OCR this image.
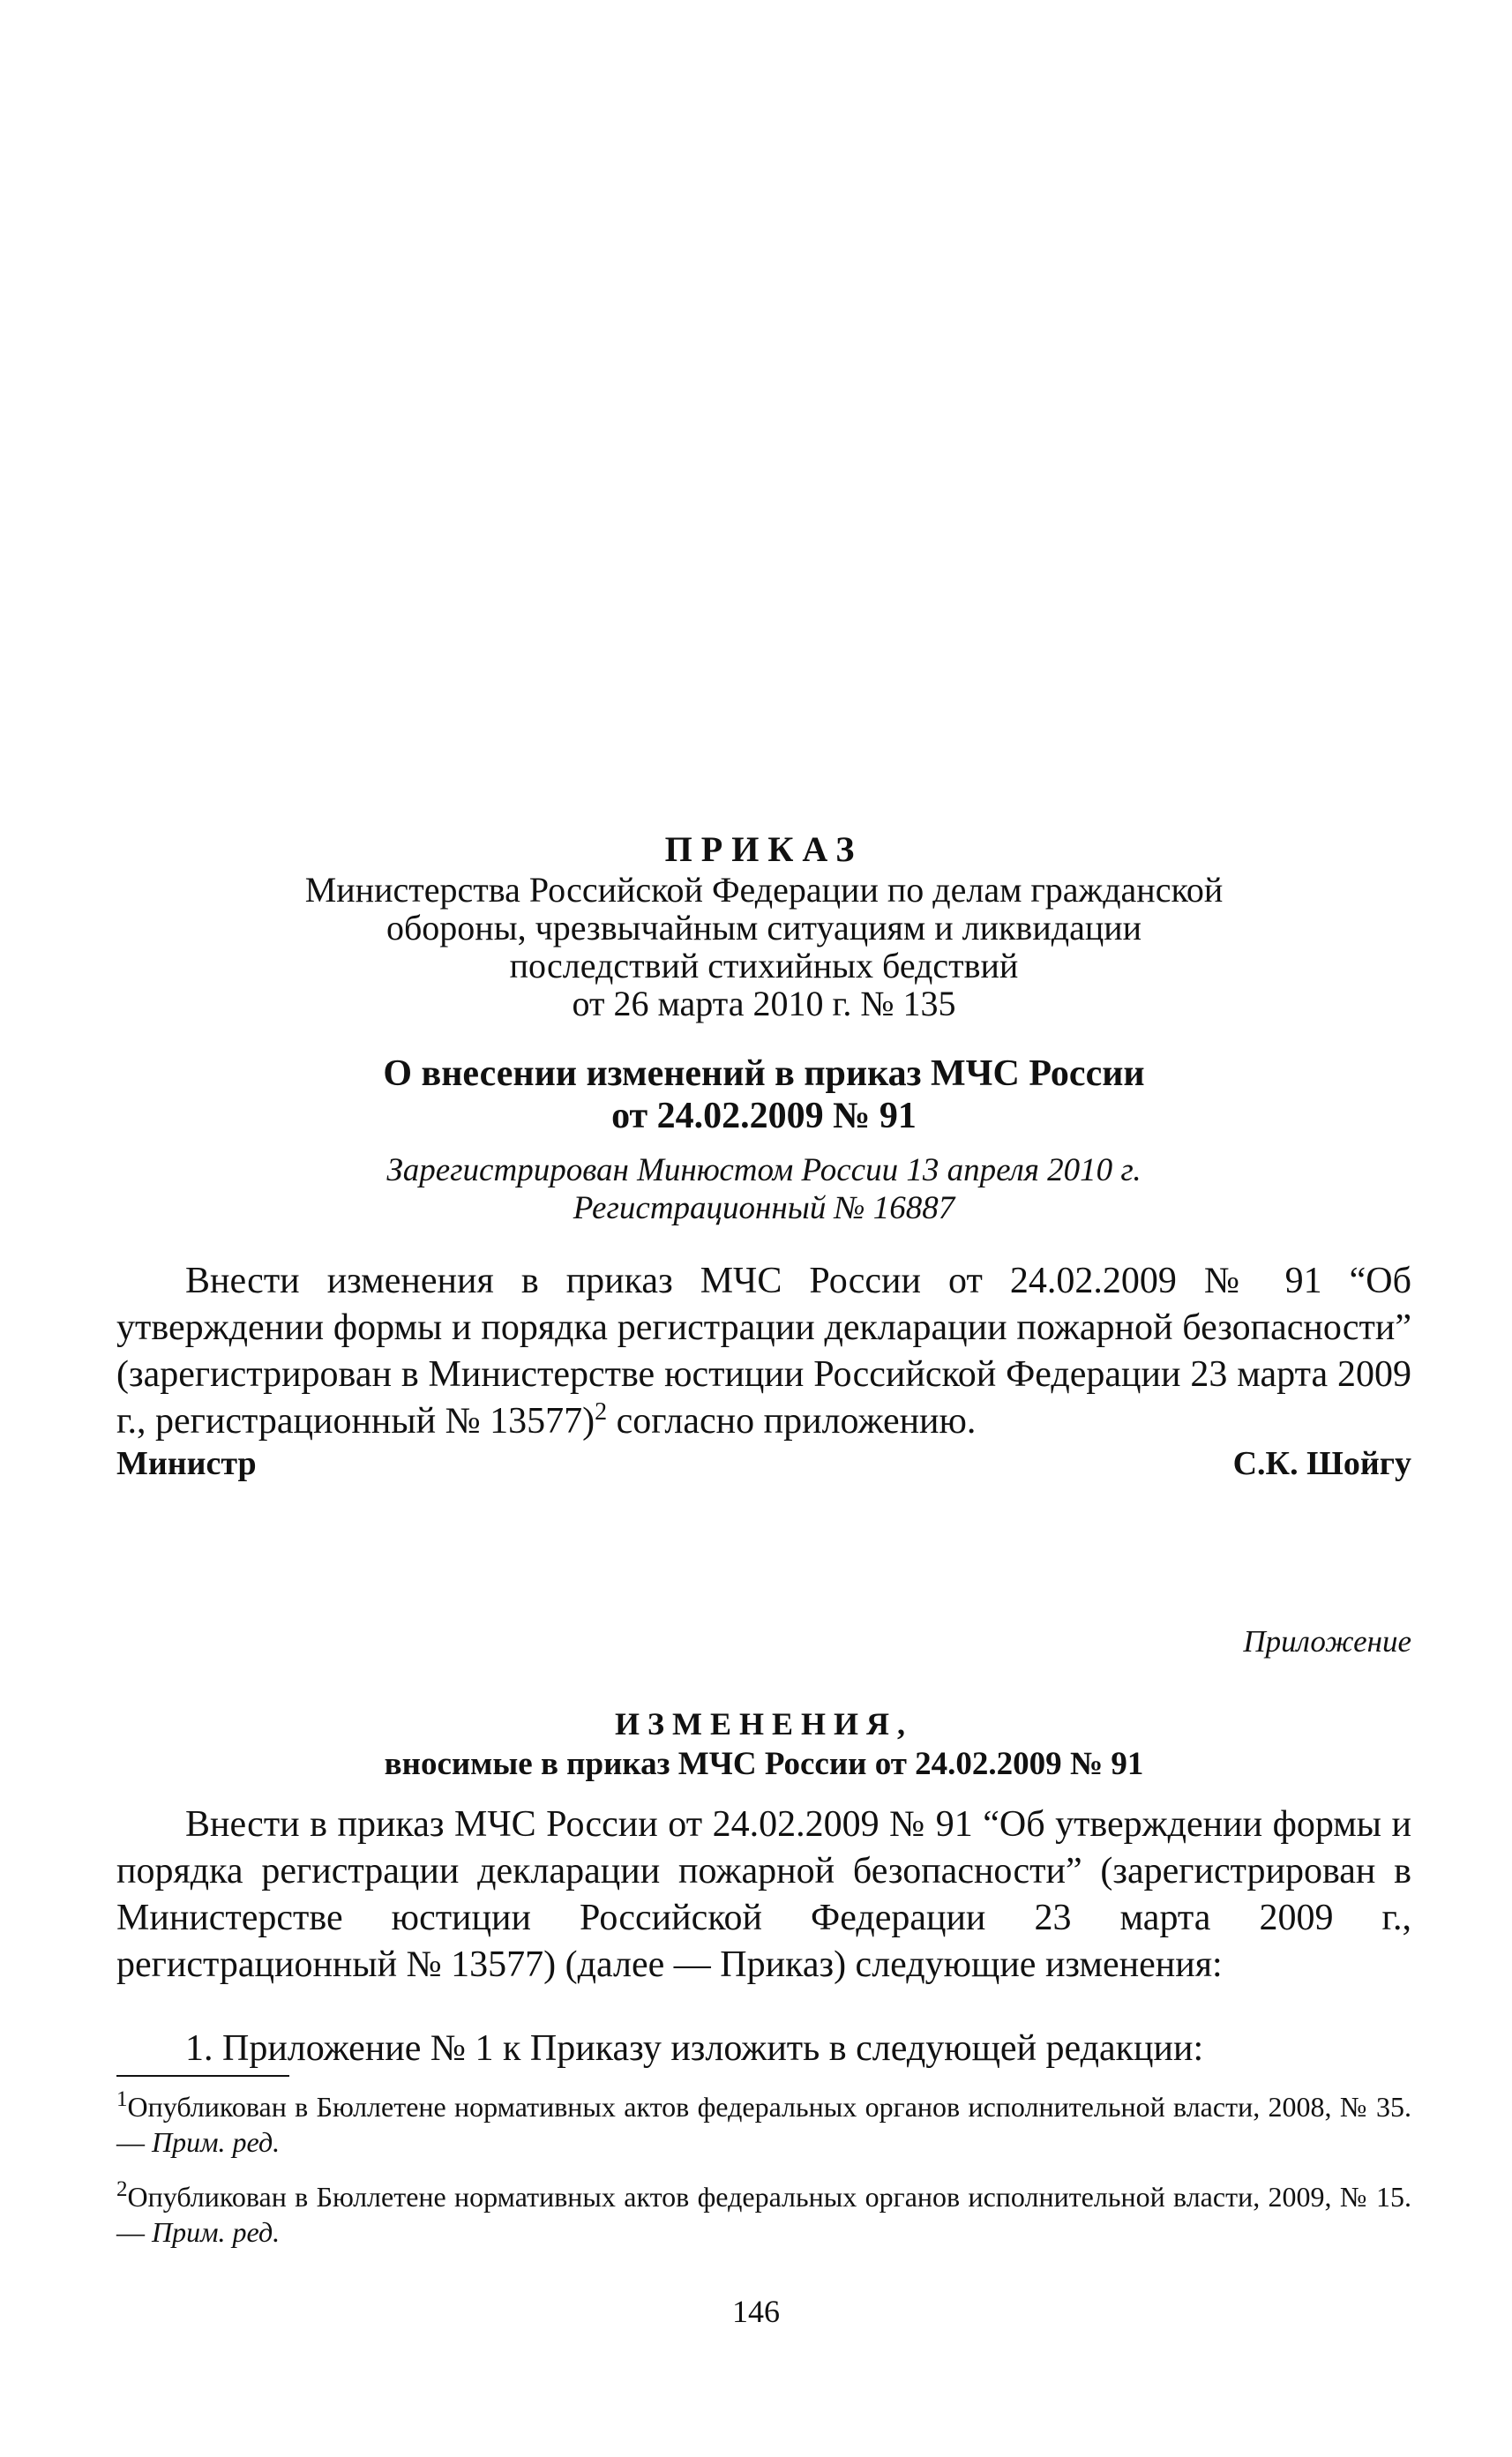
ПРИКАЗ
Министерства Российской Федерации по делам гражданской
обороны, чрезвычайным ситуациям и ликвидации
последствий стихийных бедствий
от 26 марта 2010 г. № 135
О внесении изменений в приказ МЧС России
от 24.02.2009 № 91
Зарегистрирован Минюстом России 13 апреля 2010 г.
Регистрационный № 16887

Внести изменения в приказ МЧС России от 24.02.2009 № 91 “Об утверждении формы и порядка регистрации декларации пожарной безопасности” (зарегистрирован в Министерстве юстиции Российской Федерации 23 марта 2009 г., регистрационный № 13577)$^2$ согласно приложению.

Министр	С.К. Шойгу
Приложение
ИЗМЕНЕНИЯ,
вносимые в приказ МЧС России от 24.02.2009 № 91

Внести в приказ МЧС России от 24.02.2009 № 91 “Об утверждении формы и порядка регистрации декларации пожарной безопасности” (зарегистрирован в Министерстве юстиции Российской Федерации 23 марта 2009 г., регистрационный № 13577) (далее — Приказ) следующие изменения:

1. Приложение № 1 к Приказу изложить в следующей редакции:

$^1$Опубликован в Бюллетене нормативных актов федеральных органов исполнительной власти, 2008, № 35. — Прим. ред.

$^2$Опубликован в Бюллетене нормативных актов федеральных органов исполнительной власти, 2009, № 15. — Прим. ред.

146
